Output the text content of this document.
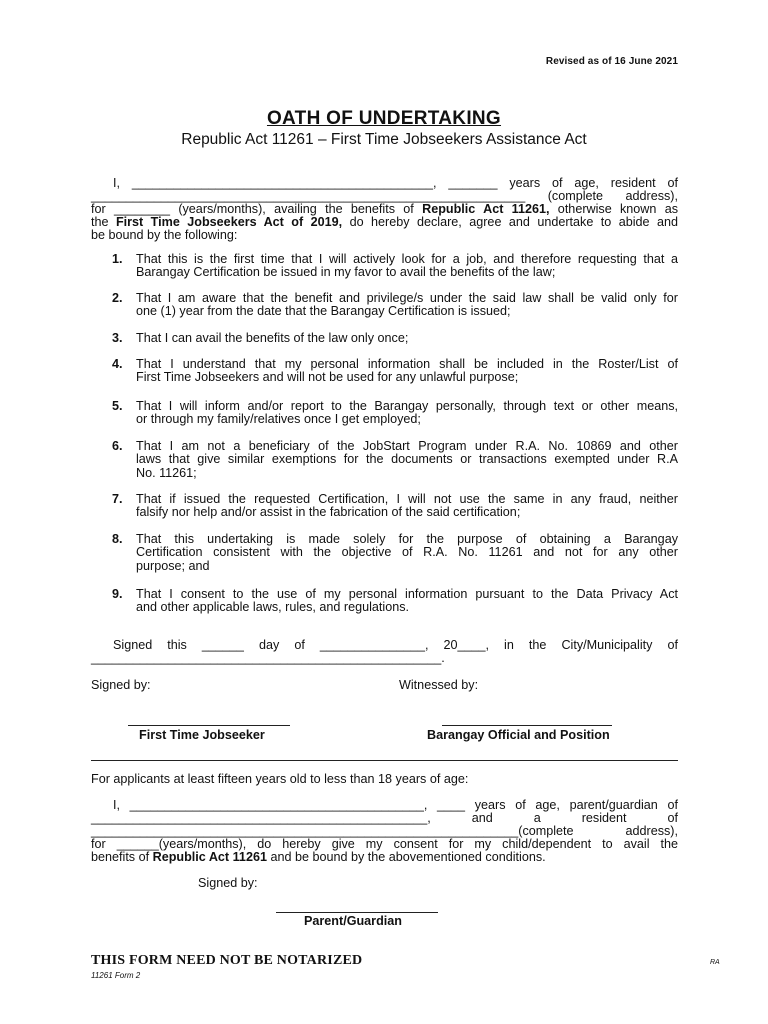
Revised as of 16 June 2021
OATH OF UNDERTAKING
Republic Act 11261 – First Time Jobseekers Assistance Act
I, ___________________________________________, _______ years of age, resident of
______________________________________________________________ (complete address),
for ________ (years/months), availing the benefits of Republic Act 11261, otherwise known as
the First Time Jobseekers Act of 2019, do hereby declare, agree and undertake to abide and
be bound by the following:
1. That this is the first time that I will actively look for a job, and therefore requesting that a
Barangay Certification be issued in my favor to avail the benefits of the law;
2. That I am aware that the benefit and privilege/s under the said law shall be valid only for
one (1) year from the date that the Barangay Certification is issued;
3. That I can avail the benefits of the law only once;
4. That I understand that my personal information shall be included in the Roster/List of
First Time Jobseekers and will not be used for any unlawful purpose;
5. That I will inform and/or report to the Barangay personally, through text or other means,
or through my family/relatives once I get employed;
6. That I am not a beneficiary of the JobStart Program under R.A. No. 10869 and other
laws that give similar exemptions for the documents or transactions exempted under R.A
No. 11261;
7. That if issued the requested Certification, I will not use the same in any fraud, neither
falsify nor help and/or assist in the fabrication of the said certification;
8. That this undertaking is made solely for the purpose of obtaining a Barangay
Certification consistent with the objective of R.A. No. 11261 and not for any other
purpose; and
9. That I consent to the use of my personal information pursuant to the Data Privacy Act
and other applicable laws, rules, and regulations.
Signed this ______ day of _______________, 20____, in the City/Municipality of
__________________________________________________.
Signed by:	Witnessed by:
First Time Jobseeker	Barangay Official and Position
For applicants at least fifteen years old to less than 18 years of age:
I, __________________________________________, ____ years of age, parent/guardian of
________________________________________________, and a resident of
_____________________________________________________________(complete address),
for ______(years/months), do hereby give my consent for my child/dependent to avail the
benefits of Republic Act 11261 and be bound by the abovementioned conditions.
Signed by:
Parent/Guardian
THIS FORM NEED NOT BE NOTARIZED
11261 Form 2
RA
